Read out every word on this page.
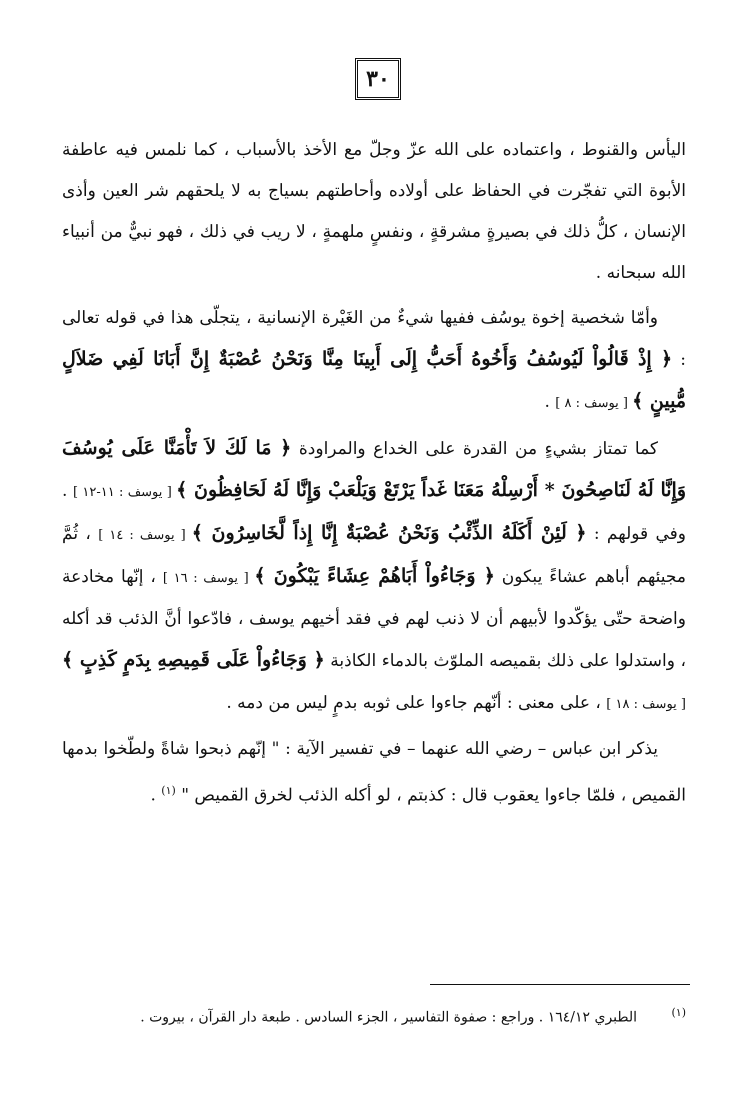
٣٠

اليأس والقنوط ، واعتماده على الله عزّ وجلّ مع الأخذ بالأسباب ، كما نلمس فيه عاطفة الأبوة التي تفجّرت في الحفاظ على أولاده وأحاطتهم بسياج به لا يلحقهم شر العين وأذى الإنسان ، كلُّ ذلك في بصيرةٍ مشرقةٍ ، ونفسٍ ملهمةٍ ، لا ريب في ذلك ، فهو نبيٌّ من أنبياء الله سبحانه .

وأمّا شخصية إخوة يوسُف ففيها شيءٌ من الغَيْرة الإنسانية ، يتجلّى هذا في قوله تعالى : ﴿ إِذْ قَالُواْ لَيُوسُفُ وَأَخُوهُ أَحَبُّ إِلَى أَبِينَا مِنَّا وَنَحْنُ عُصْبَةٌ إِنَّ أَبَانَا لَفِي ضَلاَلٍ مُّبِينٍ ﴾ [ يوسف : ٨ ] .

كما تمتاز بشيءٍ من القدرة على الخداع والمراودة ﴿ مَا لَكَ لاَ تَأْمَنَّا عَلَى يُوسُفَ وَإِنَّا لَهُ لَنَاصِحُونَ * أَرْسِلْهُ مَعَنَا غَداً يَرْتَعْ وَيَلْعَبْ وَإِنَّا لَهُ لَحَافِظُونَ ﴾ [ يوسف : ١١-١٢ ] . وفي قولهم : ﴿ لَئِنْ أَكَلَهُ الذِّئْبُ وَنَحْنُ عُصْبَةٌ إِنَّا إِذاً لَّخَاسِرُونَ ﴾ [ يوسف : ١٤ ] ، ثُمَّ مجيئهم أباهم عشاءً يبكون ﴿ وَجَاءُواْ أَبَاهُمْ عِشَاءً يَبْكُونَ ﴾ [ يوسف : ١٦ ] ، إنّها مخادعة واضحة حتّى يؤكّدوا لأبيهم أن لا ذنب لهم في فقد أخيهم يوسف ، فادّعوا أنَّ الذئب قد أكله ، واستدلوا على ذلك بقميصه الملوّث بالدماء الكاذبة ﴿ وَجَاءُواْ عَلَى قَمِيصِهِ بِدَمٍ كَذِبٍ ﴾ [ يوسف : ١٨ ] ، على معنى : أنّهم جاءوا على ثوبه بدمٍ ليس من دمه .

يذكر ابن عباس – رضي الله عنهما – في تفسير الآية : " إنّهم ذبحوا شاةً ولطّخوا بدمها القميص ، فلمّا جاءوا يعقوب قال : كذبتم ، لو أكله الذئب لخرق القميص " $^{(١)}$ .

$^{(١)}$ الطبري ١٦٤/١٢ . وراجع : صفوة التفاسير ، الجزء السادس . طبعة دار القرآن ، بيروت .
